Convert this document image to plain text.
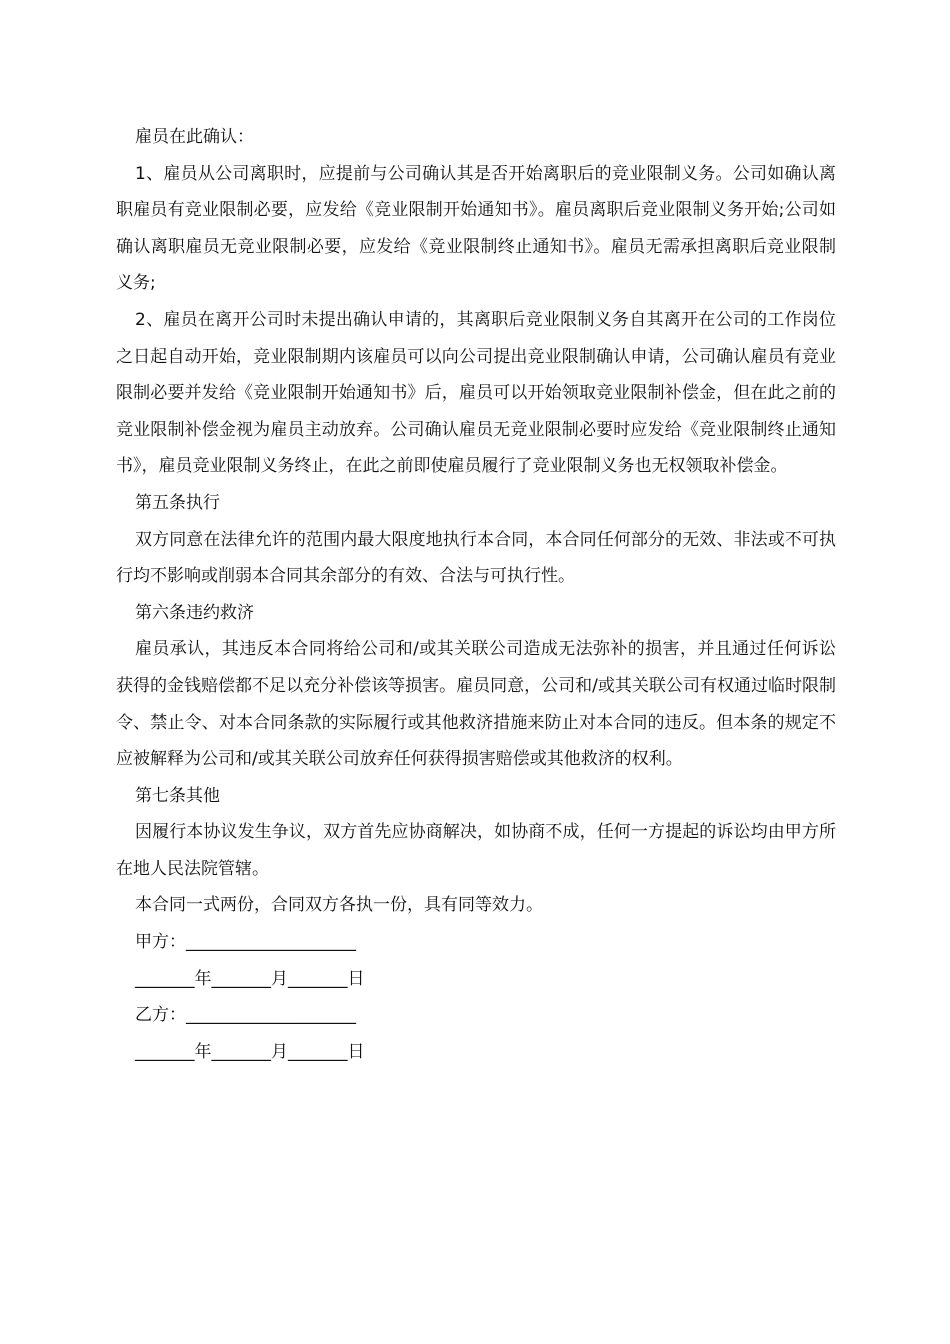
雇员在此确认：

1、雇员从公司离职时，应提前与公司确认其是否开始离职后的竞业限制义务。公司如确认离职雇员有竞业限制必要，应发给《竞业限制开始通知书》。雇员离职后竞业限制义务开始;公司如确认离职雇员无竞业限制必要，应发给《竞业限制终止通知书》。雇员无需承担离职后竞业限制义务;

2、雇员在离开公司时未提出确认申请的，其离职后竞业限制义务自其离开在公司的工作岗位之日起自动开始，竞业限制期内该雇员可以向公司提出竞业限制确认申请，公司确认雇员有竞业限制必要并发给《竞业限制开始通知书》后，雇员可以开始领取竞业限制补偿金，但在此之前的竞业限制补偿金视为雇员主动放弃。公司确认雇员无竞业限制必要时应发给《竞业限制终止通知书》，雇员竞业限制义务终止，在此之前即使雇员履行了竞业限制义务也无权领取补偿金。

第五条执行

双方同意在法律允许的范围内最大限度地执行本合同，本合同任何部分的无效、非法或不可执行均不影响或削弱本合同其余部分的有效、合法与可执行性。

第六条违约救济

雇员承认，其违反本合同将给公司和/或其关联公司造成无法弥补的损害，并且通过任何诉讼获得的金钱赔偿都不足以充分补偿该等损害。雇员同意，公司和/或其关联公司有权通过临时限制令、禁止令、对本合同条款的实际履行或其他救济措施来防止对本合同的违反。但本条的规定不应被解释为公司和/或其关联公司放弃任何获得损害赔偿或其他救济的权利。

第七条其他

因履行本协议发生争议，双方首先应协商解决，如协商不成，任何一方提起的诉讼均由甲方所在地人民法院管辖。

本合同一式两份，合同双方各执一份，具有同等效力。

甲方：____________________

_______年_______月_______日

乙方：____________________

_______年_______月_______日
